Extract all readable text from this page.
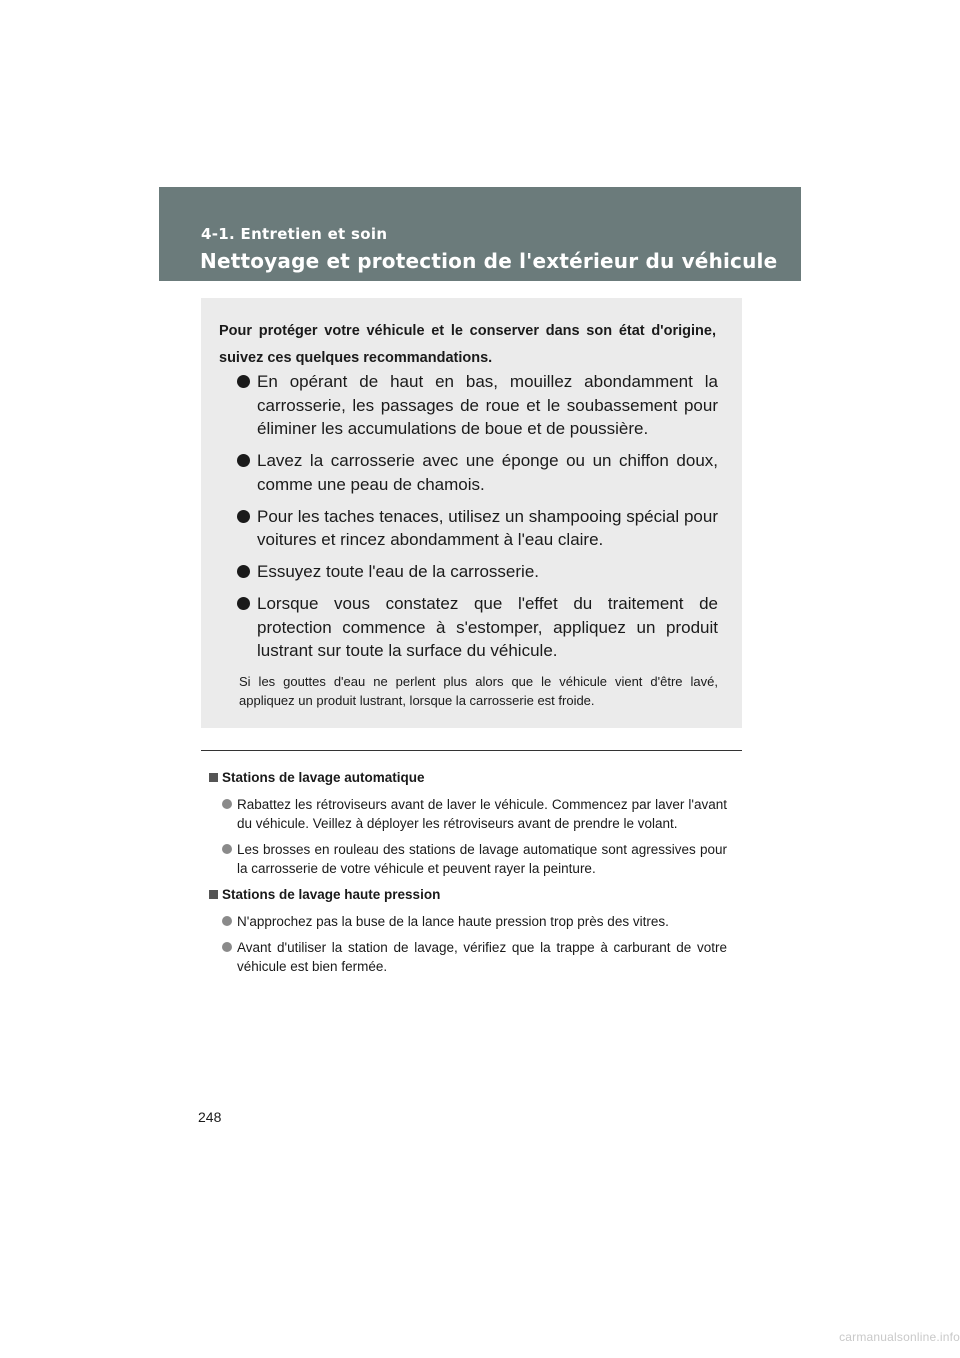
4-1. Entretien et soin
Nettoyage et protection de l'extérieur du véhicule
Pour protéger votre véhicule et le conserver dans son état d'origine, suivez ces quelques recommandations.
En opérant de haut en bas, mouillez abondamment la carrosserie, les passages de roue et le soubassement pour éliminer les accumulations de boue et de poussière.
Lavez la carrosserie avec une éponge ou un chiffon doux, comme une peau de chamois.
Pour les taches tenaces, utilisez un shampooing spécial pour voitures et rincez abondamment à l'eau claire.
Essuyez toute l'eau de la carrosserie.
Lorsque vous constatez que l'effet du traitement de protection commence à s'estomper, appliquez un produit lustrant sur toute la surface du véhicule.
Si les gouttes d'eau ne perlent plus alors que le véhicule vient d'être lavé, appliquez un produit lustrant, lorsque la carrosserie est froide.
Stations de lavage automatique
Rabattez les rétroviseurs avant de laver le véhicule. Commencez par laver l'avant du véhicule. Veillez à déployer les rétroviseurs avant de prendre le volant.
Les brosses en rouleau des stations de lavage automatique sont agressives pour la carrosserie de votre véhicule et peuvent rayer la peinture.
Stations de lavage haute pression
N'approchez pas la buse de la lance haute pression trop près des vitres.
Avant d'utiliser la station de lavage, vérifiez que la trappe à carburant de votre véhicule est bien fermée.
248
carmanualsonline.info
